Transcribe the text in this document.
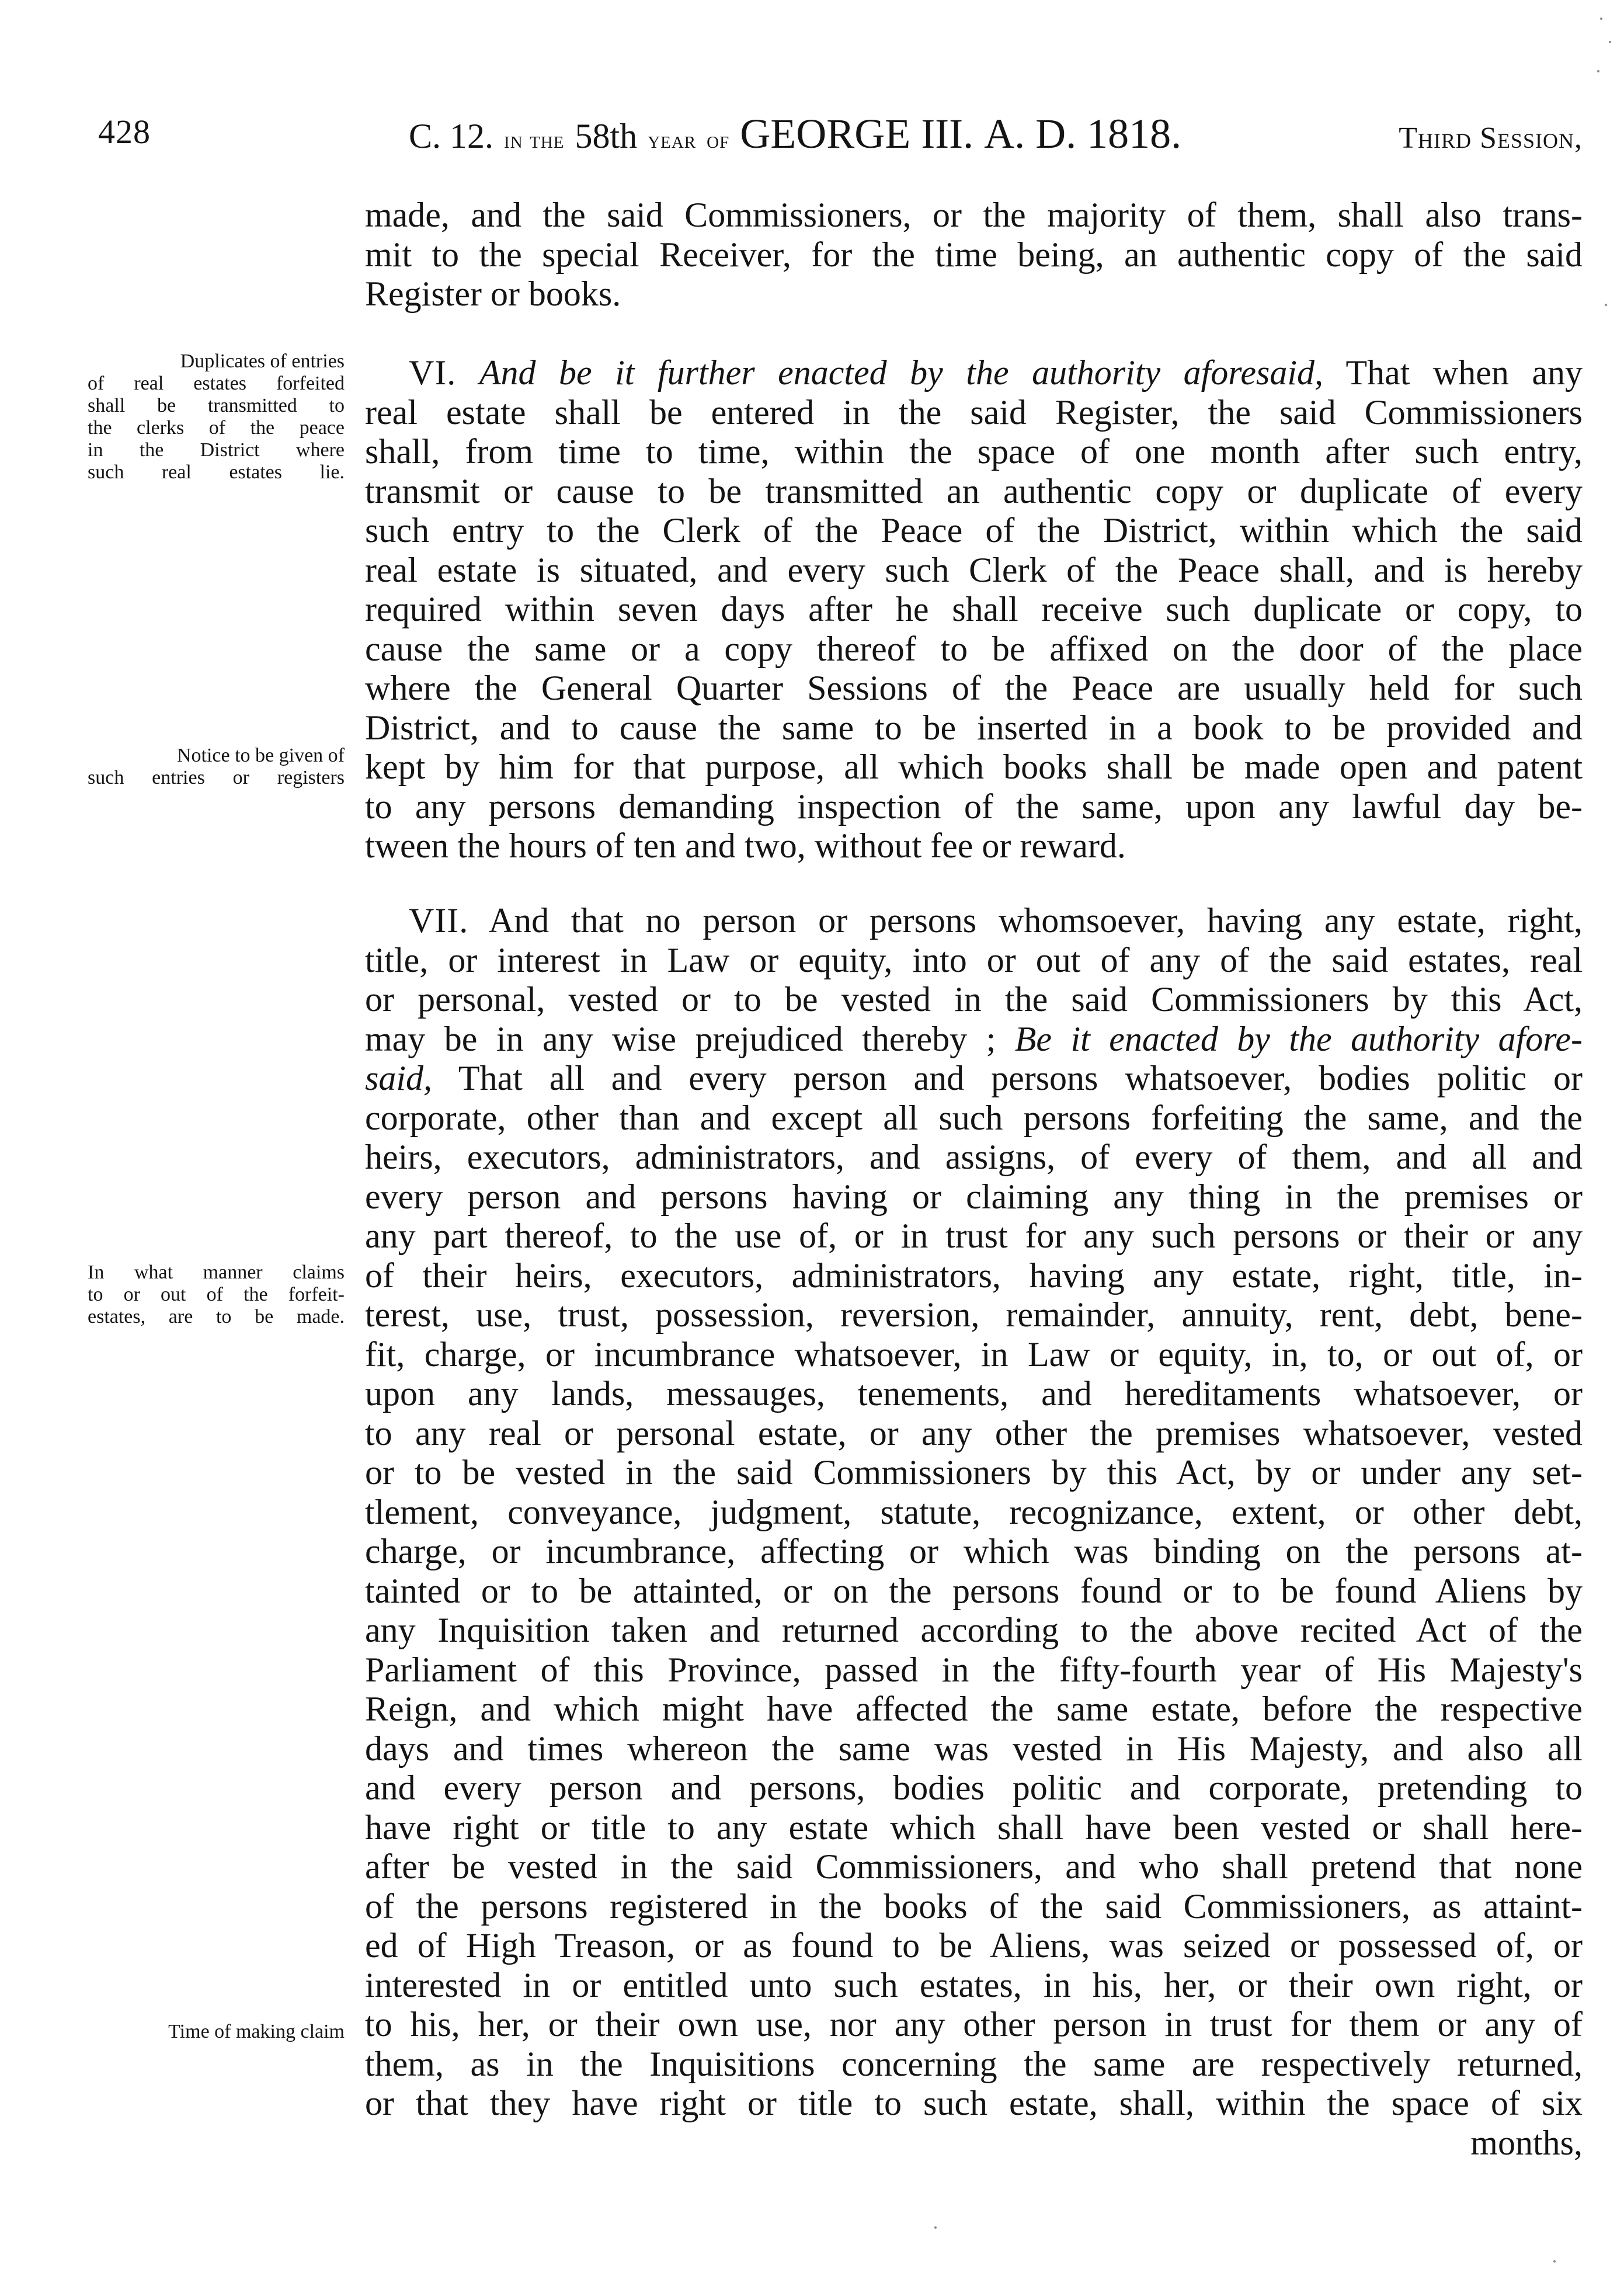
428	C. 12. in the 58th year of GEORGE III. A. D. 1818.	Third Session,
Duplicates of entries
of real estates forfeited
shall be transmitted to
the clerks of the peace
in the District where
such real estates lie.
Notice to be given of
such entries or registers
In what manner claims
to or out of the forfeit-
estates, are to be made.
Time of making claim
made, and the said Commissioners, or the majority of them, shall also trans-
mit to the special Receiver, for the time being, an authentic copy of the said
Register or books.
VI. And be it further enacted by the authority aforesaid, That when any
real estate shall be entered in the said Register, the said Commissioners
shall, from time to time, within the space of one month after such entry,
transmit or cause to be transmitted an authentic copy or duplicate of every
such entry to the Clerk of the Peace of the District, within which the said
real estate is situated, and every such Clerk of the Peace shall, and is hereby
required within seven days after he shall receive such duplicate or copy, to
cause the same or a copy thereof to be affixed on the door of the place
where the General Quarter Sessions of the Peace are usually held for such
District, and to cause the same to be inserted in a book to be provided and
kept by him for that purpose, all which books shall be made open and patent
to any persons demanding inspection of the same, upon any lawful day be-
tween the hours of ten and two, without fee or reward.
VII. And that no person or persons whomsoever, having any estate, right,
title, or interest in Law or equity, into or out of any of the said estates, real
or personal, vested or to be vested in the said Commissioners by this Act,
may be in any wise prejudiced thereby ; Be it enacted by the authority afore-
said, That all and every person and persons whatsoever, bodies politic or
corporate, other than and except all such persons forfeiting the same, and the
heirs, executors, administrators, and assigns, of every of them, and all and
every person and persons having or claiming any thing in the premises or
any part thereof, to the use of, or in trust for any such persons or their or any
of their heirs, executors, administrators, having any estate, right, title, in-
terest, use, trust, possession, reversion, remainder, annuity, rent, debt, bene-
fit, charge, or incumbrance whatsoever, in Law or equity, in, to, or out of, or
upon any lands, messauges, tenements, and hereditaments whatsoever, or
to any real or personal estate, or any other the premises whatsoever, vested
or to be vested in the said Commissioners by this Act, by or under any set-
tlement, conveyance, judgment, statute, recognizance, extent, or other debt,
charge, or incumbrance, affecting or which was binding on the persons at-
tainted or to be attainted, or on the persons found or to be found Aliens by
any Inquisition taken and returned according to the above recited Act of the
Parliament of this Province, passed in the fifty-fourth year of His Majesty's
Reign, and which might have affected the same estate, before the respective
days and times whereon the same was vested in His Majesty, and also all
and every person and persons, bodies politic and corporate, pretending to
have right or title to any estate which shall have been vested or shall here-
after be vested in the said Commissioners, and who shall pretend that none
of the persons registered in the books of the said Commissioners, as attaint-
ed of High Treason, or as found to be Aliens, was seized or possessed of, or
interested in or entitled unto such estates, in his, her, or their own right, or
to his, her, or their own use, nor any other person in trust for them or any of
them, as in the Inquisitions concerning the same are respectively returned,
or that they have right or title to such estate, shall, within the space of six
months,
